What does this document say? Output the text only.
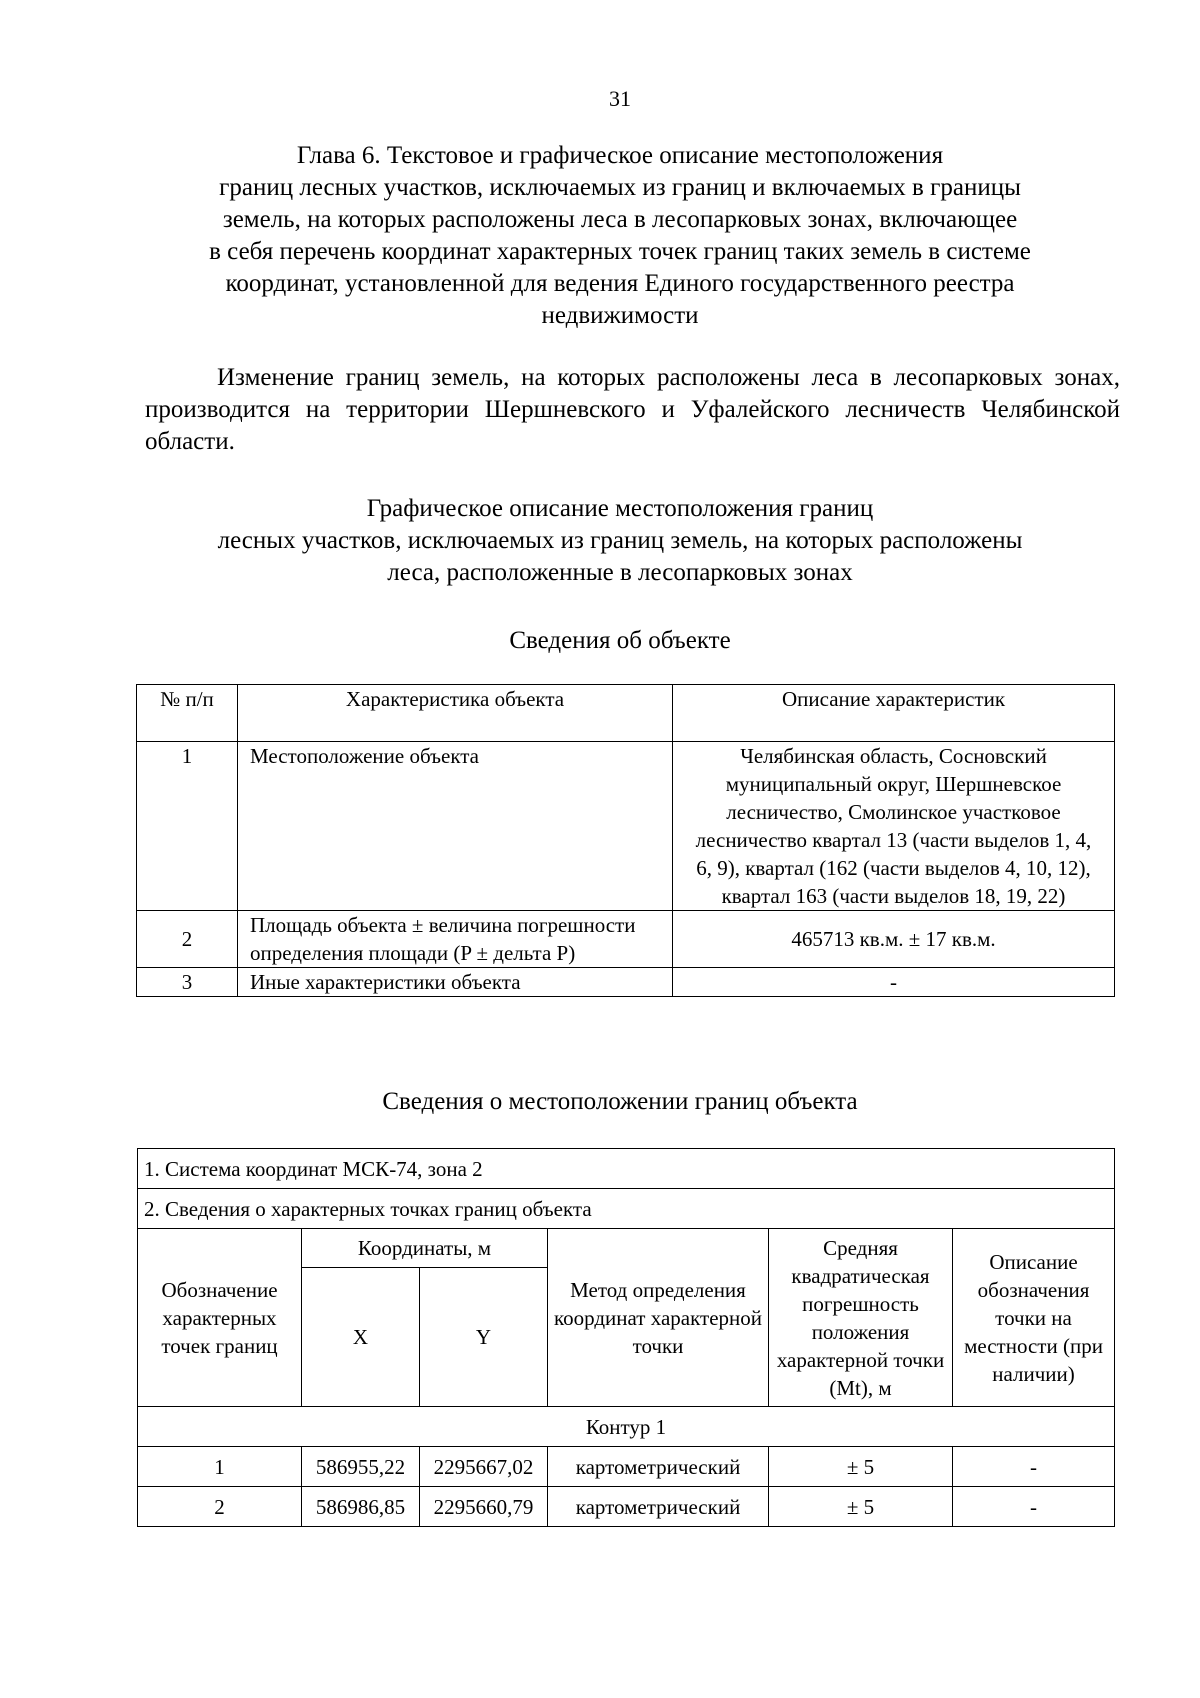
31
Глава 6. Текстовое и графическое описание местоположения
границ лесных участков, исключаемых из границ и включаемых в границы
земель, на которых расположены леса в лесопарковых зонах, включающее
в себя перечень координат характерных точек границ таких земель в системе
координат, установленной для ведения Единого государственного реестра
недвижимости
Изменение границ земель, на которых расположены леса в лесопарковых зонах, производится на территории Шершневского и Уфалейского лесничеств Челябинской области.
Графическое описание местоположения границ
лесных участков, исключаемых из границ земель, на которых расположены
леса, расположенные в лесопарковых зонах
Сведения об объекте
№ п/п	Характеристика объекта	Описание характеристик
1	Местоположение объекта	Челябинская область, Сосновский муниципальный округ, Шершневское лесничество, Смолинское участковое лесничество квартал 13 (части выделов 1, 4, 6, 9), квартал (162 (части выделов 4, 10, 12), квартал 163 (части выделов 18, 19, 22)
2	Площадь объекта ± величина погрешности определения площади (P ± дельта P)	465713 кв.м. ± 17 кв.м.
3	Иные характеристики объекта	-
Сведения о местоположении границ объекта
1. Система координат МСК-74, зона 2					
2. Сведения о характерных точках границ объекта					
Обозначение характерных точек границ	Координаты, м		Метод определения координат характерной точки	Средняя квадратическая погрешность положения характерной точки (Mt), м	Описание обозначения точки на местности (при наличии)
	X	Y			
Контур 1					
1	586955,22	2295667,02	картометрический	± 5	-
2	586986,85	2295660,79	картометрический	± 5	-
